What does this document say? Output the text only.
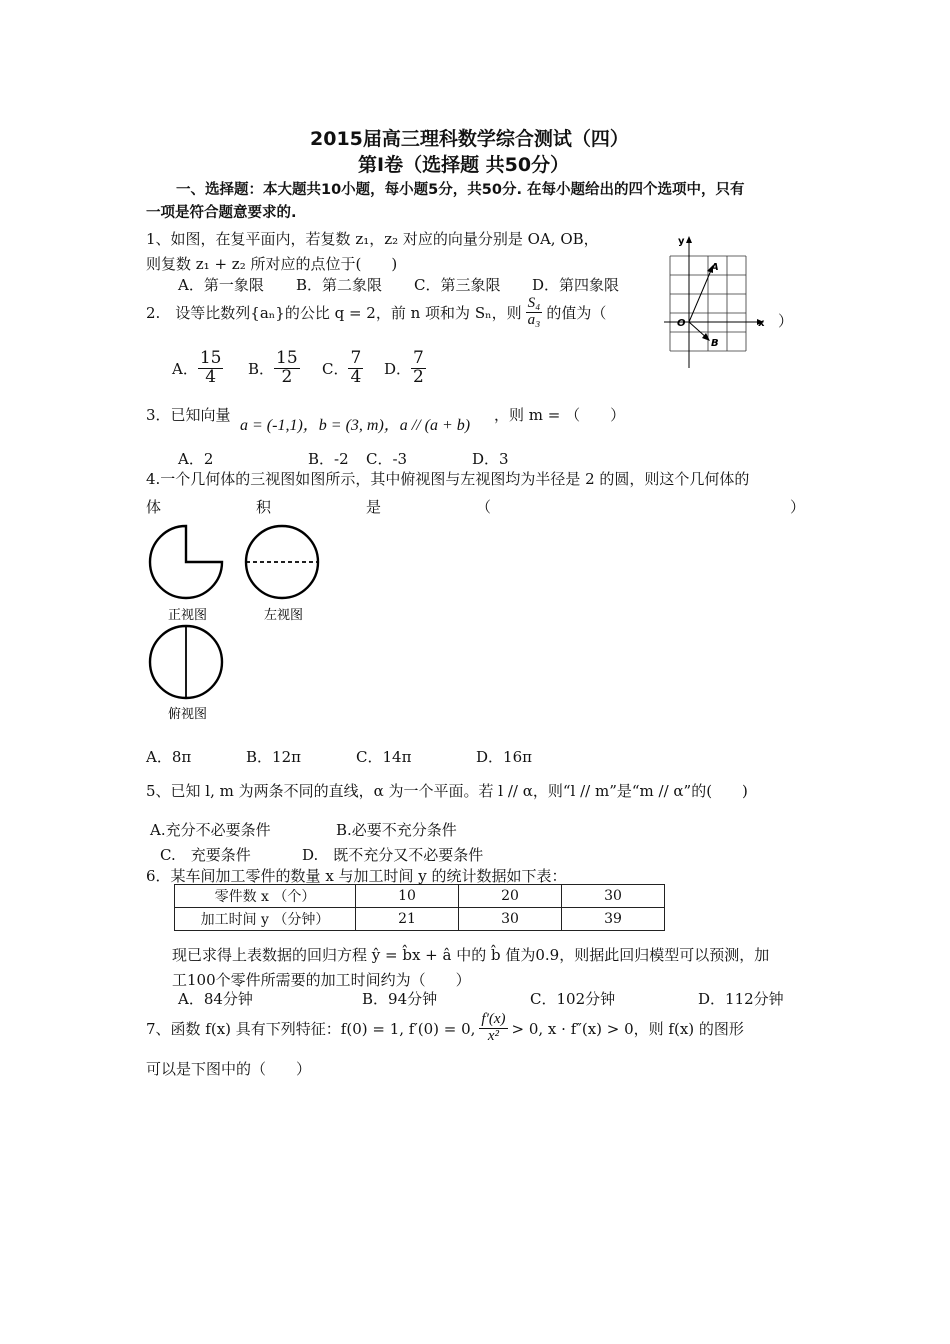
2015届高三理科数学综合测试（四）
第Ⅰ卷（选择题 共50分）
一、选择题：本大题共10小题，每小题5分，共50分. 在每小题给出的四个选项中，只有
一项是符合题意要求的.
1、如图，在复平面内，若复数 z₁，z₂ 对应的向量分别是 OA, OB，
则复数 z₁ + z₂ 所对应的点位于(　　)
A．第一象限 B．第二象限 C．第三象限 D．第四象限
y
x
O
A
B
2.　设等比数列{aₙ}的公比 q = 2，前 n 项和为 Sₙ，则 $\frac{\text{S₄}}{\text{a₃}}$ 的值为（	）
A． $\frac{15}{4}$ B． $\frac{15}{2}$ C． $\frac{7}{4}$ D． $\frac{7}{2}$
3．已知向量
a = (-1,1)，b = (3, m)，a // (a + b)
，则 m = （　　）
A．2	B．-2 C．-3	D．3
4.一个几何体的三视图如图所示，其中俯视图与左视图均为半径是 2 的圆，则这个几何体的
体	积	是	（	）
正视图	左视图
俯视图
A．8π	B．12π	C．14π	D．16π
5、已知 l, m 为两条不同的直线，α 为一个平面。若 l // α，则“l // m”是“m // α”的(　　)
A.充分不必要条件	B.必要不充分条件
C.　充要条件	D.　既不充分又不必要条件
6．某车间加工零件的数量 x 与加工时间 y 的统计数据如下表：
零件数 x （个）	10	20	30
加工时间 y （分钟）	21	30	39
现已求得上表数据的回归方程 ŷ = b̂x + â 中的 b̂ 值为0.9，则据此回归模型可以预测，加
工100个零件所需要的加工时间约为（　　）
A．84分钟	B．94分钟	C．102分钟	D．112分钟
7、函数 f(x) 具有下列特征：f(0) = 1, f′(0) = 0, $\frac{f'(x)}{\text{x²}} > 0$, x · f″(x) > 0，则 f(x) 的图形
可以是下图中的（　　）
